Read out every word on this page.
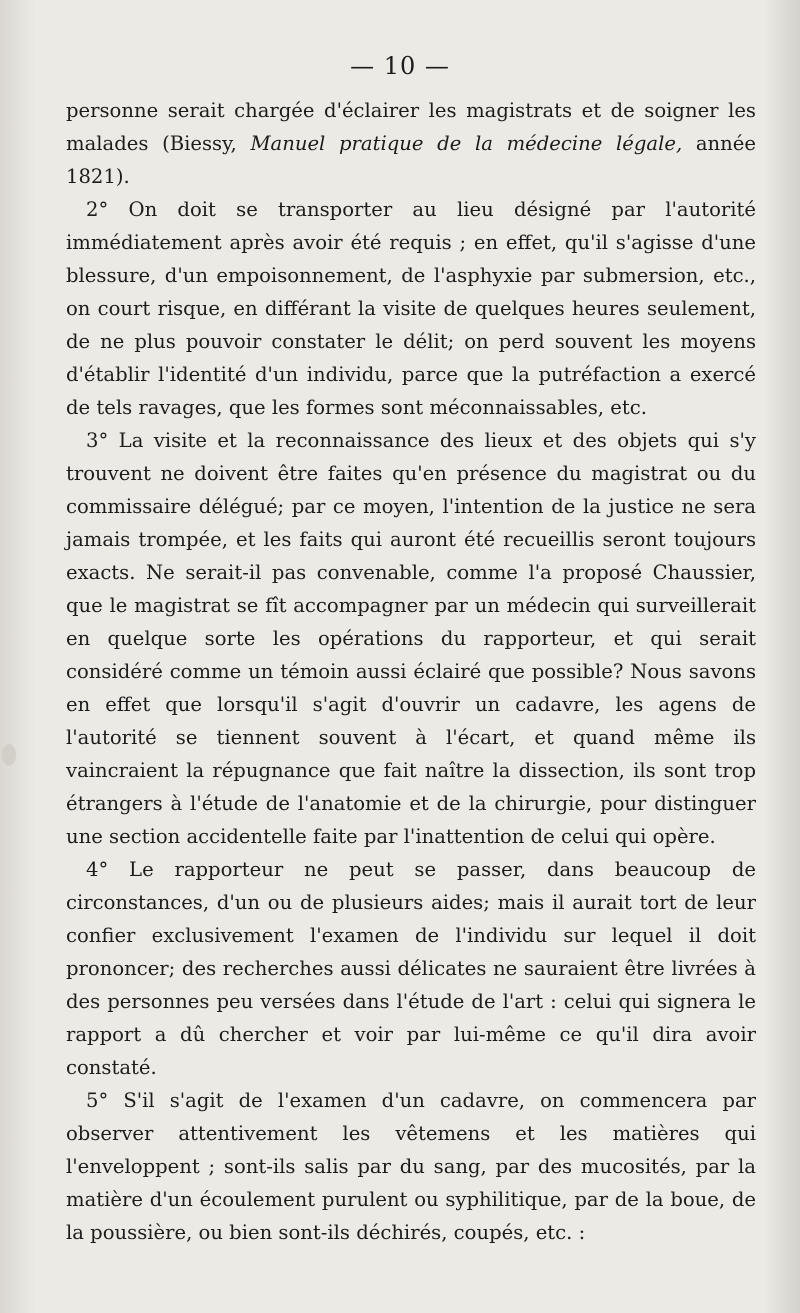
— 10 —

personne serait chargée d'éclairer les magistrats et de soigner les malades (Biessy, Manuel pratique de la médecine légale, année 1821).

2° On doit se transporter au lieu désigné par l'autorité immédiatement après avoir été requis ; en effet, qu'il s'agisse d'une blessure, d'un empoisonnement, de l'asphyxie par submersion, etc., on court risque, en différant la visite de quelques heures seulement, de ne plus pouvoir constater le délit; on perd souvent les moyens d'établir l'identité d'un individu, parce que la putréfaction a exercé de tels ravages, que les formes sont méconnaissables, etc.

3° La visite et la reconnaissance des lieux et des objets qui s'y trouvent ne doivent être faites qu'en présence du magistrat ou du commissaire délégué; par ce moyen, l'intention de la justice ne sera jamais trompée, et les faits qui auront été recueillis seront toujours exacts. Ne serait-il pas convenable, comme l'a proposé Chaussier, que le magistrat se fît accompagner par un médecin qui surveillerait en quelque sorte les opérations du rapporteur, et qui serait considéré comme un témoin aussi éclairé que possible? Nous savons en effet que lorsqu'il s'agit d'ouvrir un cadavre, les agens de l'autorité se tiennent souvent à l'écart, et quand même ils vaincraient la répugnance que fait naître la dissection, ils sont trop étrangers à l'étude de l'anatomie et de la chirurgie, pour distinguer une section accidentelle faite par l'inattention de celui qui opère.

4° Le rapporteur ne peut se passer, dans beaucoup de circonstances, d'un ou de plusieurs aides; mais il aurait tort de leur confier exclusivement l'examen de l'individu sur lequel il doit prononcer; des recherches aussi délicates ne sauraient être livrées à des personnes peu versées dans l'étude de l'art : celui qui signera le rapport a dû chercher et voir par lui-même ce qu'il dira avoir constaté.

5° S'il s'agit de l'examen d'un cadavre, on commencera par observer attentivement les vêtemens et les matières qui l'enveloppent ; sont-ils salis par du sang, par des mucosités, par la matière d'un écoulement purulent ou syphilitique, par de la boue, de la poussière, ou bien sont-ils déchirés, coupés, etc. :
